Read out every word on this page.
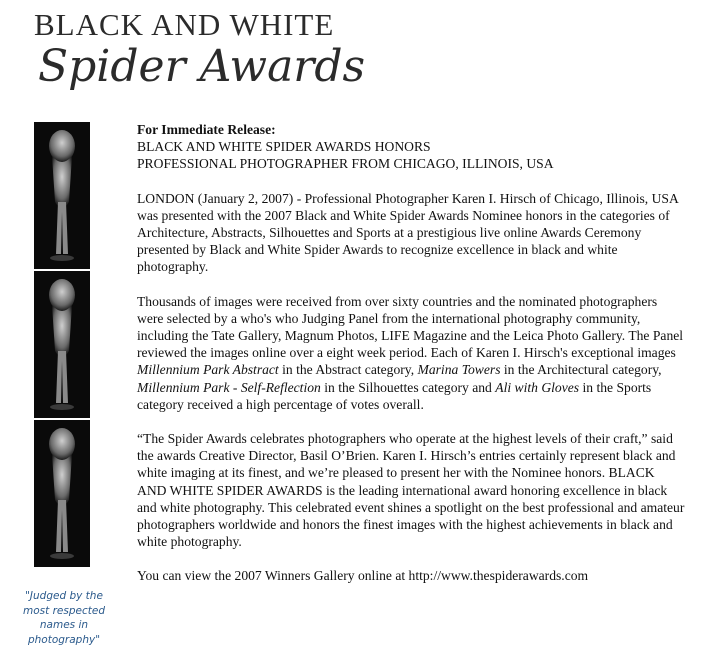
BLACK AND WHITE
Spider Awards
"Judged by the most respected names in photography"

For Immediate Release:
BLACK AND WHITE SPIDER AWARDS HONORS
PROFESSIONAL PHOTOGRAPHER FROM CHICAGO, ILLINOIS, USA

LONDON (January 2, 2007) - Professional Photographer Karen I. Hirsch of Chicago, Illinois, USA was presented with the 2007 Black and White Spider Awards Nominee honors in the categories of Architecture, Abstracts, Silhouettes and Sports at a prestigious live online Awards Ceremony presented by Black and White Spider Awards to recognize excellence in black and white photography.

Thousands of images were received from over sixty countries and the nominated photographers were selected by a who's who Judging Panel from the international photography community, including the Tate Gallery, Magnum Photos, LIFE Magazine and the Leica Photo Gallery. The Panel reviewed the images online over a eight week period. Each of Karen I. Hirsch's exceptional images Millennium Park Abstract in the Abstract category, Marina Towers in the Architectural category, Millennium Park - Self-Reflection in the Silhouettes category and Ali with Gloves in the Sports category received a high percentage of votes overall.

“The Spider Awards celebrates photographers who operate at the highest levels of their craft,” said the awards Creative Director, Basil O’Brien. Karen I. Hirsch’s entries certainly represent black and white imaging at its finest, and we’re pleased to present her with the Nominee honors. BLACK AND WHITE SPIDER AWARDS is the leading international award honoring excellence in black and white photography. This celebrated event shines a spotlight on the best professional and amateur photographers worldwide and honors the finest images with the highest achievements in black and white photography.

You can view the 2007 Winners Gallery online at http://www.thespiderawards.com
